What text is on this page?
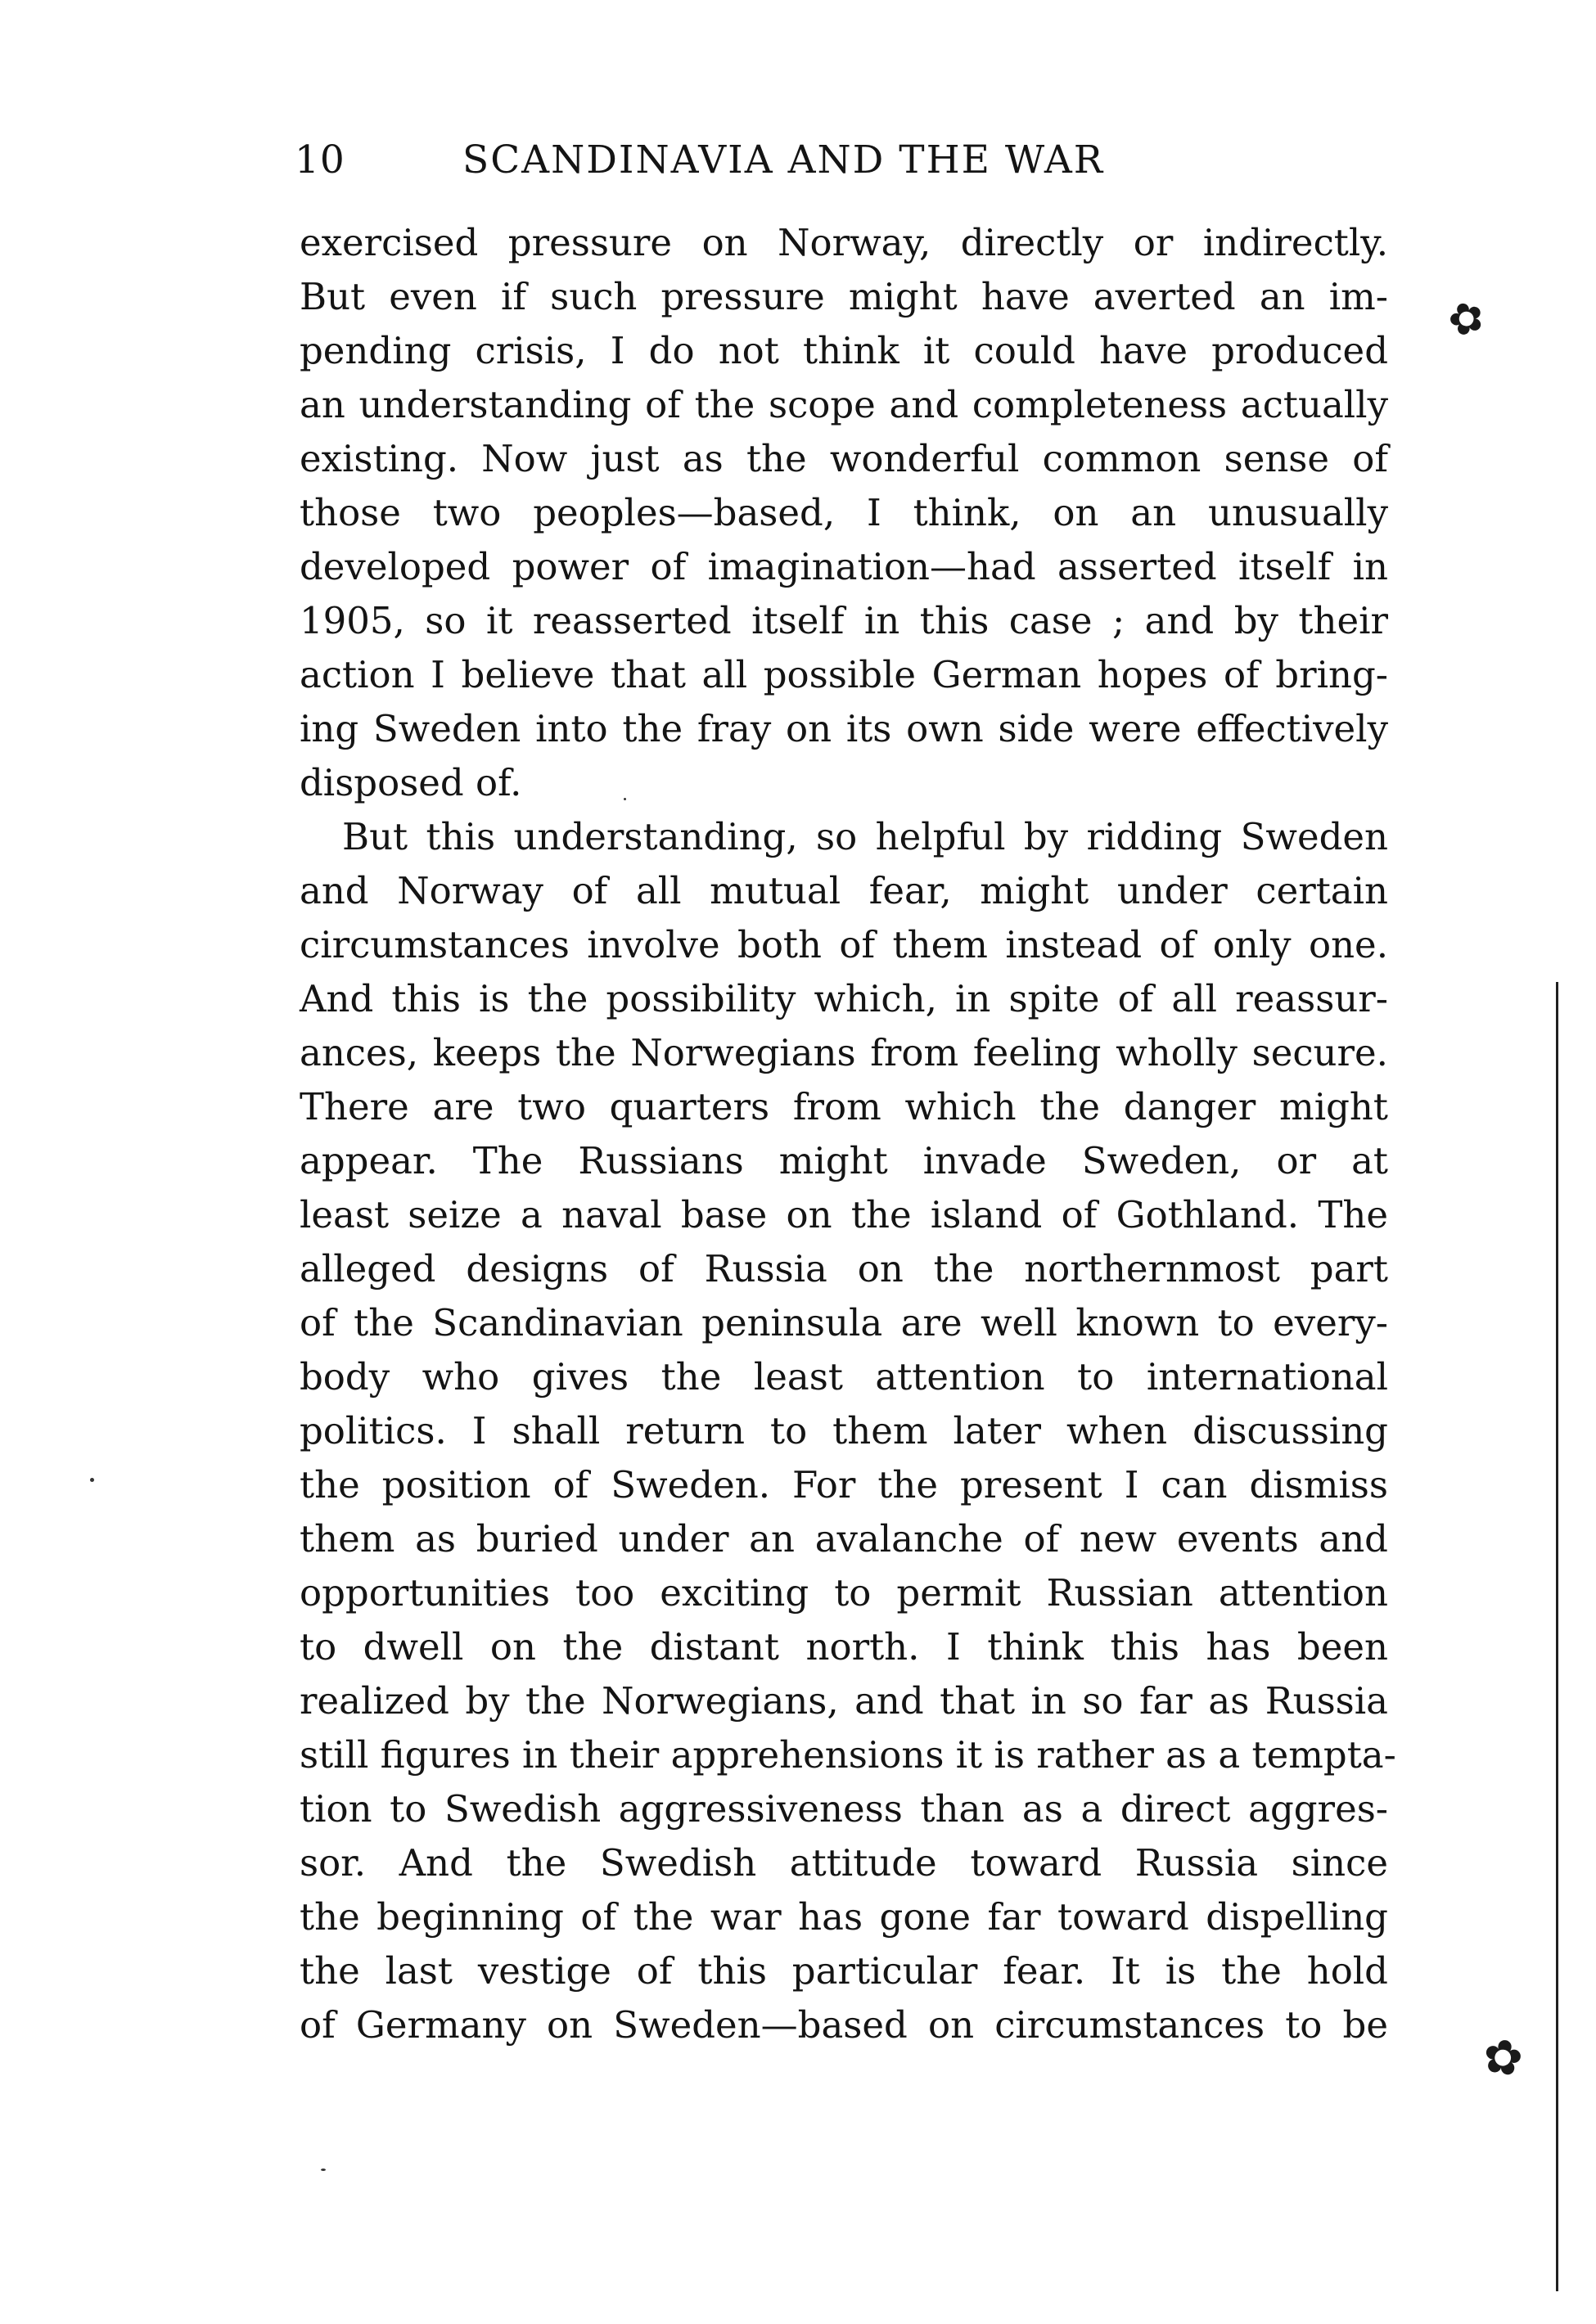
10	SCANDINAVIA AND THE WAR
exercised pressure on Norway, directly or indirectly.
But even if such pressure might have averted an im-
pending crisis, I do not think it could have produced
an understanding of the scope and completeness actually
existing. Now just as the wonderful common sense of
those two peoples—based, I think, on an unusually
developed power of imagination—had asserted itself in
1905, so it reasserted itself in this case ; and by their
action I believe that all possible German hopes of bring-
ing Sweden into the fray on its own side were effectively
disposed of.
But this understanding, so helpful by ridding Sweden
and Norway of all mutual fear, might under certain
circumstances involve both of them instead of only one.
And this is the possibility which, in spite of all reassur-
ances, keeps the Norwegians from feeling wholly secure.
There are two quarters from which the danger might
appear. The Russians might invade Sweden, or at
least seize a naval base on the island of Gothland. The
alleged designs of Russia on the northernmost part
of the Scandinavian peninsula are well known to every-
body who gives the least attention to international
politics. I shall return to them later when discussing
the position of Sweden. For the present I can dismiss
them as buried under an avalanche of new events and
opportunities too exciting to permit Russian attention
to dwell on the distant north. I think this has been
realized by the Norwegians, and that in so far as Russia
still figures in their apprehensions it is rather as a tempta-
tion to Swedish aggressiveness than as a direct aggres-
sor. And the Swedish attitude toward Russia since
the beginning of the war has gone far toward dispelling
the last vestige of this particular fear. It is the hold
of Germany on Sweden—based on circumstances to be
✿
✿
